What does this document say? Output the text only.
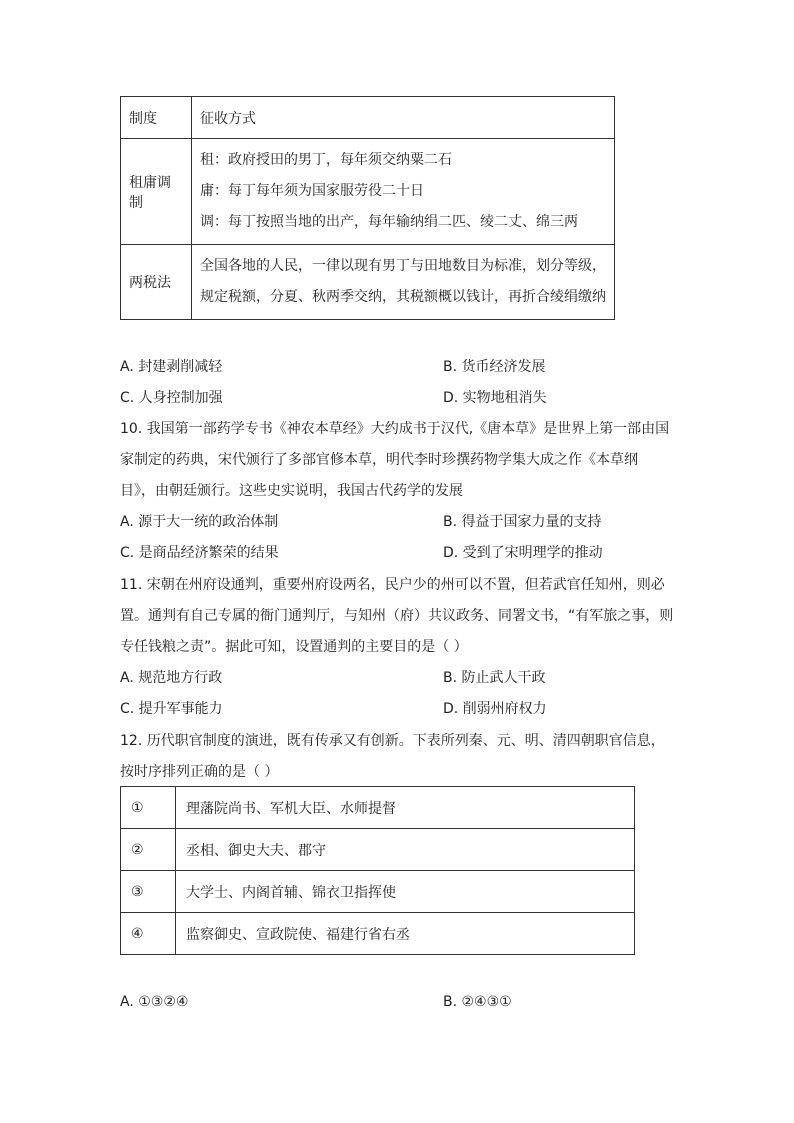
制度	征收方式
租庸调制	租：政府授田的男丁，每年须交纳粟二石
庸：每丁每年须为国家服劳役二十日
调：每丁按照当地的出产，每年输纳绢二匹、绫二丈、绵三两

两税法	全国各地的人民，一律以现有男丁与田地数目为标准，划分等级，
规定税额，分夏、秋两季交纳，其税额概以钱计，再折合绫绢缴纳
A. 封建剥削减轻	B. 货币经济发展
C. 人身控制加强	D. 实物地租消失
10. 我国第一部药学专书《神农本草经》大约成书于汉代,《唐本草》是世界上第一部由国
家制定的药典，宋代颁行了多部官修本草，明代李时珍撰药物学集大成之作《本草纲
目》，由朝廷颁行。这些史实说明，我国古代药学的发展
A. 源于大一统的政治体制	B. 得益于国家力量的支持
C. 是商品经济繁荣的结果	D. 受到了宋明理学的推动
11. 宋朝在州府设通判，重要州府设两名，民户少的州可以不置，但若武官任知州，则必
置。通判有自己专属的衙门通判厅，与知州（府）共议政务、同署文书，“有军旅之事，则
专任钱粮之责”。据此可知，设置通判的主要目的是（ ）
A. 规范地方行政	B. 防止武人干政
C. 提升军事能力	D. 削弱州府权力
12. 历代职官制度的演进，既有传承又有创新。下表所列秦、元、明、清四朝职官信息，
按时序排列正确的是（ ）
①	理藩院尚书、军机大臣、水师提督
②	丞相、御史大夫、郡守
③	大学士、内阁首辅、锦衣卫指挥使
④	监察御史、宣政院使、福建行省右丞
A. ①③②④	B. ②④③①
